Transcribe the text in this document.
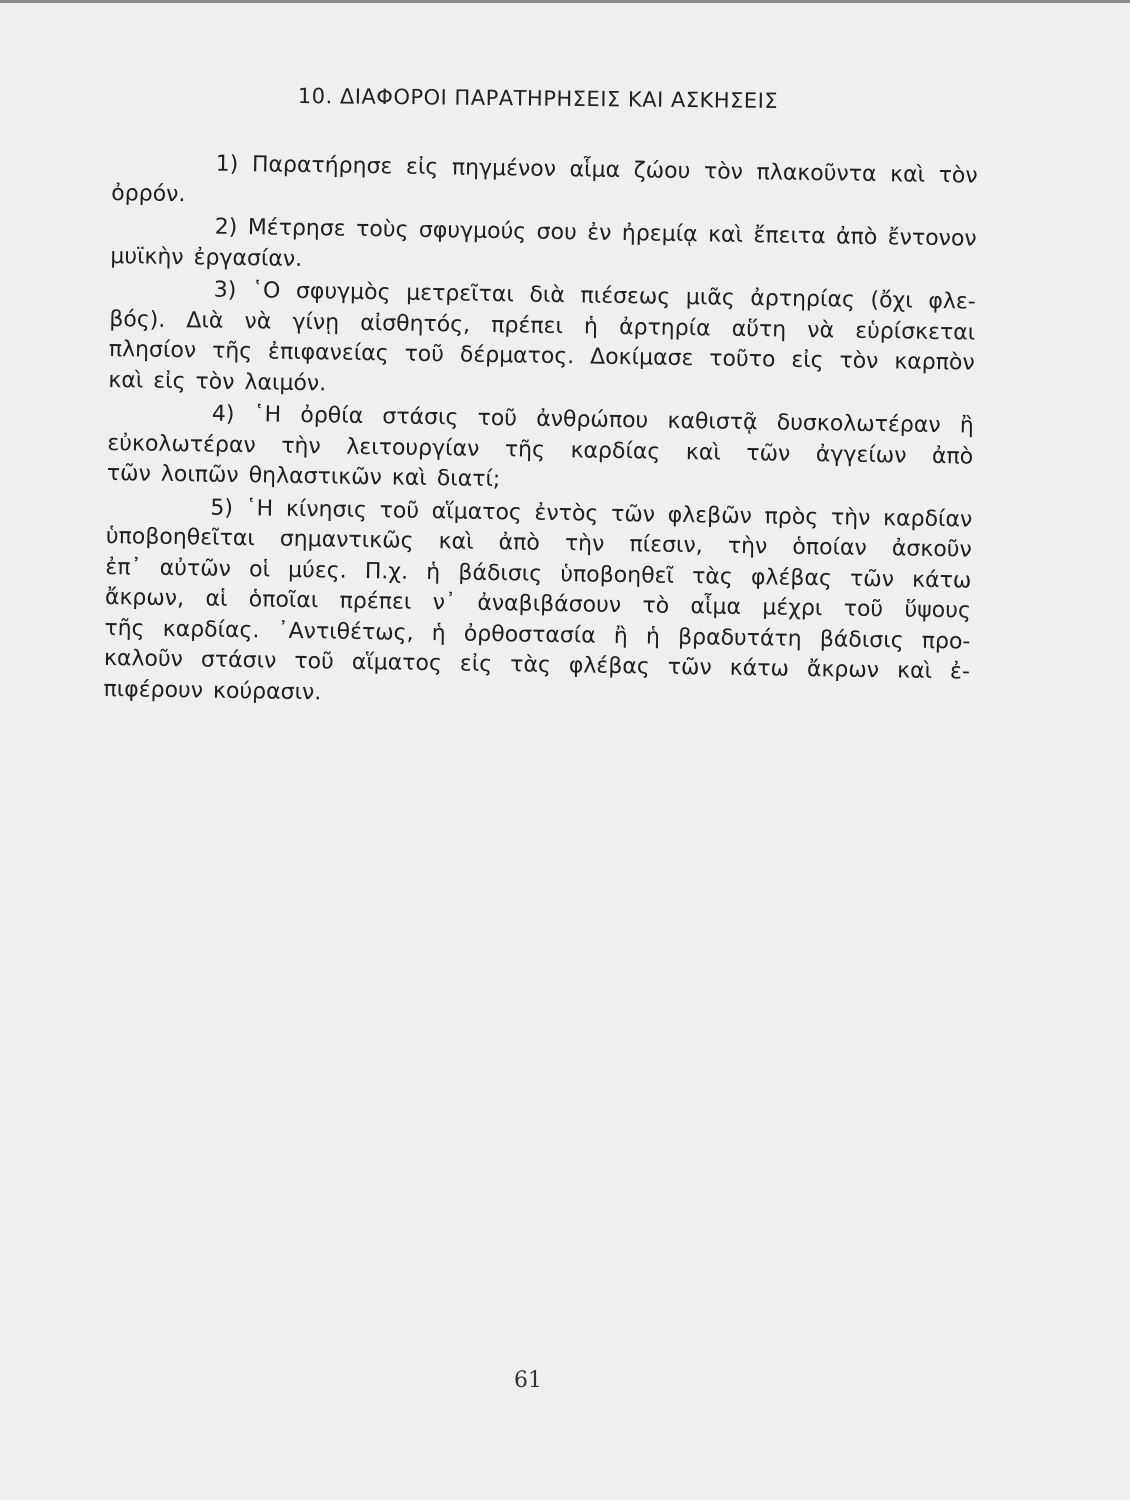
10. ΔΙΑΦΟΡΟΙ ΠΑΡΑΤΗΡΗΣΕΙΣ ΚΑΙ ΑΣΚΗΣΕΙΣ
1) Παρατήρησε εἰς πηγμένον αἷμα ζώου τὸν πλακοῦντα καὶ τὸν
ὀρρόν.
2) Μέτρησε τοὺς σφυγμούς σου ἐν ἠρεμίᾳ καὶ ἔπειτα ἀπὸ ἔντονον
μυϊκὴν ἐργασίαν.
3) ῾Ο σφυγμὸς μετρεῖται διὰ πιέσεως μιᾶς ἀρτηρίας (ὄχι φλε-
βός). Διὰ νὰ γίνῃ αἰσθητός, πρέπει ἡ ἀρτηρία αὕτη νὰ εὑρίσκεται
πλησίον τῆς ἐπιφανείας τοῦ δέρματος. Δοκίμασε τοῦτο εἰς τὸν καρπὸν
καὶ εἰς τὸν λαιμόν.
4) ῾Η ὀρθία στάσις τοῦ ἀνθρώπου καθιστᾷ δυσκολωτέραν ἢ
εὐκολωτέραν τὴν λειτουργίαν τῆς καρδίας καὶ τῶν ἀγγείων ἀπὸ
τῶν λοιπῶν θηλαστικῶν καὶ διατί;
5) ῾Η κίνησις τοῦ αἵματος ἐντὸς τῶν φλεβῶν πρὸς τὴν καρδίαν
ὑποβοηθεῖται σημαντικῶς καὶ ἀπὸ τὴν πίεσιν, τὴν ὁποίαν ἀσκοῦν
ἐπ᾽ αὐτῶν οἱ μύες. Π.χ. ἡ βάδισις ὑποβοηθεῖ τὰς φλέβας τῶν κάτω
ἄκρων, αἱ ὁποῖαι πρέπει ν᾽ ἀναβιβάσουν τὸ αἷμα μέχρι τοῦ ὕψους
τῆς καρδίας. ᾽Αντιθέτως, ἡ ὀρθοστασία ἢ ἡ βραδυτάτη βάδισις προ-
καλοῦν στάσιν τοῦ αἵματος εἰς τὰς φλέβας τῶν κάτω ἄκρων καὶ ἐ-
πιφέρουν κούρασιν.
61
